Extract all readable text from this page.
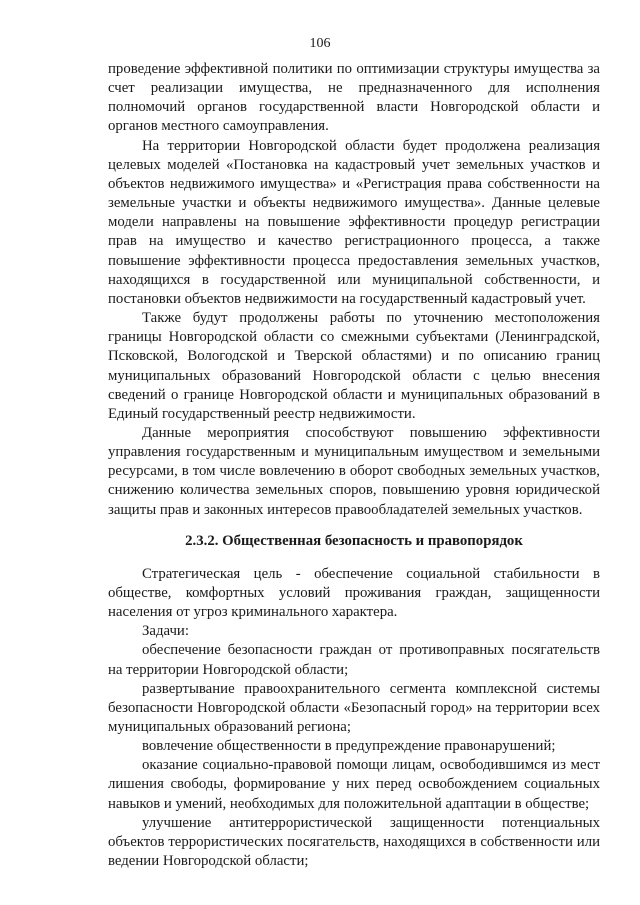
106

проведение эффективной политики по оптимизации структуры имущества за счет реализации имущества, не предназначенного для исполнения полномочий органов государственной власти Новгородской области и органов местного самоуправления.

На территории Новгородской области будет продолжена реализация целевых моделей «Постановка на кадастровый учет земельных участков и объектов недвижимого имущества» и «Регистрация права собственности на земельные участки и объекты недвижимого имущества». Данные целевые модели направлены на повышение эффективности процедур регистрации прав на имущество и качество регистрационного процесса, а также повышение эффективности процесса предоставления земельных участков, находящихся в государственной или муниципальной собственности, и постановки объектов недвижимости на государственный кадастровый учет.

Также будут продолжены работы по уточнению местоположения границы Новгородской области со смежными субъектами (Ленинградской, Псковской, Вологодской и Тверской областями) и по описанию границ муниципальных образований Новгородской области с целью внесения сведений о границе Новгородской области и муниципальных образований в Единый государственный реестр недвижимости.

Данные мероприятия способствуют повышению эффективности управления государственным и муниципальным имуществом и земельными ресурсами, в том числе вовлечению в оборот свободных земельных участков, снижению количества земельных споров, повышению уровня юридической защиты прав и законных интересов правообладателей земельных участков.

2.3.2. Общественная безопасность и правопорядок

Стратегическая цель - обеспечение социальной стабильности в обществе, комфортных условий проживания граждан, защищенности населения от угроз криминального характера.

Задачи:

обеспечение безопасности граждан от противоправных посягательств на территории Новгородской области;

развертывание правоохранительного сегмента комплексной системы безопасности Новгородской области «Безопасный город» на территории всех муниципальных образований региона;

вовлечение общественности в предупреждение правонарушений;

оказание социально-правовой помощи лицам, освободившимся из мест лишения свободы, формирование у них перед освобождением социальных навыков и умений, необходимых для положительной адаптации в обществе;

улучшение антитеррористической защищенности потенциальных объектов террористических посягательств, находящихся в собственности или ведении Новгородской области;
